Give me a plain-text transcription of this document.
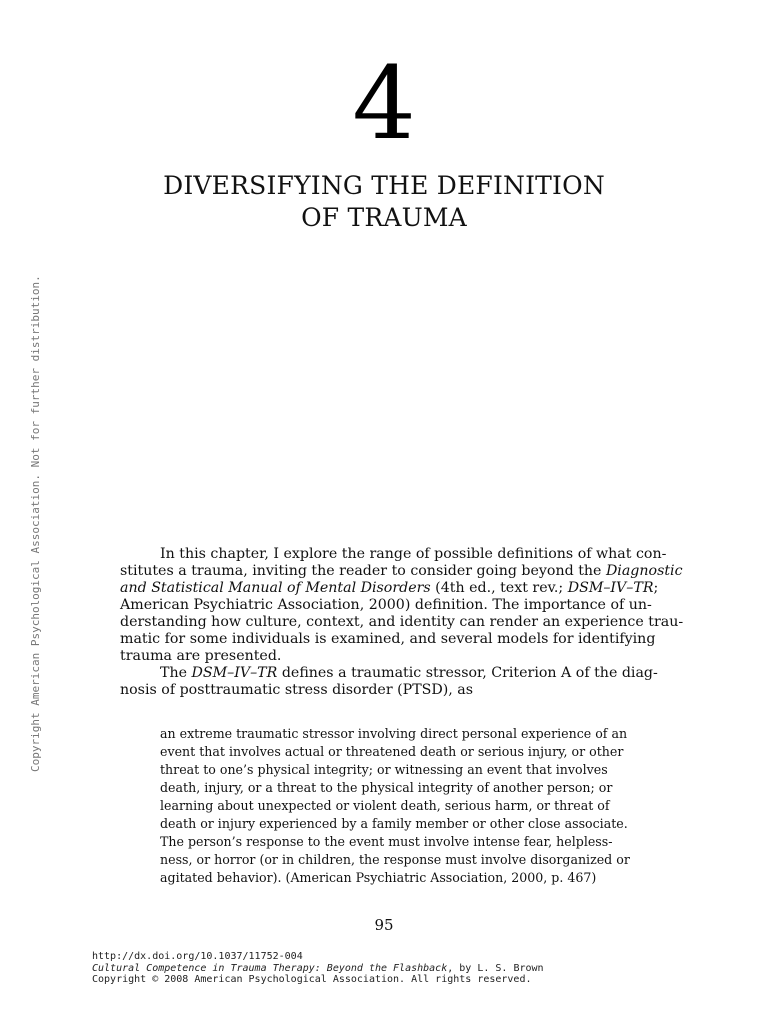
4
DIVERSIFYING THE DEFINITION
OF TRAUMA
Copyright American Psychological Association. Not for further distribution.	In this chapter, I explore the range of possible definitions of what con-
stitutes a trauma, inviting the reader to consider going beyond the Diagnostic
and Statistical Manual of Mental Disorders (4th ed., text rev.; DSM–IV–TR;
American Psychiatric Association, 2000) definition. The importance of un-
derstanding how culture, context, and identity can render an experience trau-
matic for some individuals is examined, and several models for identifying
trauma are presented.
The DSM–IV–TR defines a traumatic stressor, Criterion A of the diag-
nosis of posttraumatic stress disorder (PTSD), as
an extreme traumatic stressor involving direct personal experience of an
event that involves actual or threatened death or serious injury, or other
threat to one’s physical integrity; or witnessing an event that involves
death, injury, or a threat to the physical integrity of another person; or
learning about unexpected or violent death, serious harm, or threat of
death or injury experienced by a family member or other close associate.
The person’s response to the event must involve intense fear, helpless-
ness, or horror (or in children, the response must involve disorganized or
agitated behavior). (American Psychiatric Association, 2000, p. 467)
95
http://dx.doi.org/10.1037/11752-004
Cultural Competence in Trauma Therapy: Beyond the Flashback, by L. S. Brown
Copyright © 2008 American Psychological Association. All rights reserved.
